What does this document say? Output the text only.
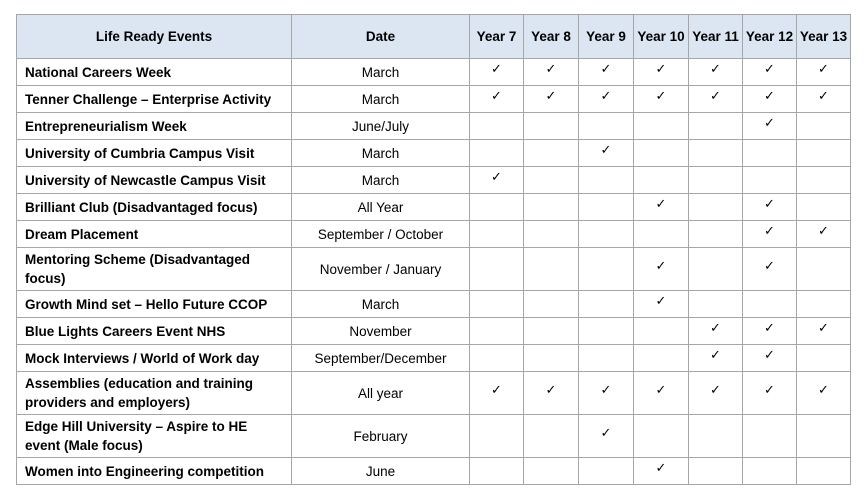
Life Ready Events	Date	Year 7	Year 8	Year 9	Year 10	Year 11	Year 12	Year 13
National Careers Week	March	✓	✓	✓	✓	✓	✓	✓
Tenner Challenge – Enterprise Activity	March	✓	✓	✓	✓	✓	✓	✓
Entrepreneurialism Week	June/July						✓	
University of Cumbria Campus Visit	March			✓				
University of Newcastle Campus Visit	March	✓						
Brilliant Club (Disadvantaged focus)	All Year				✓		✓	
Dream Placement	September / October						✓	✓
Mentoring Scheme (Disadvantaged focus)	November / January				✓		✓	
Growth Mind set – Hello Future CCOP	March				✓			
Blue Lights Careers Event NHS	November					✓	✓	✓
Mock Interviews / World of Work day	September/December					✓	✓	
Assemblies (education and training providers and employers)	All year	✓	✓	✓	✓	✓	✓	✓
Edge Hill University – Aspire to HE event (Male focus)	February			✓				
Women into Engineering competition	June				✓			
